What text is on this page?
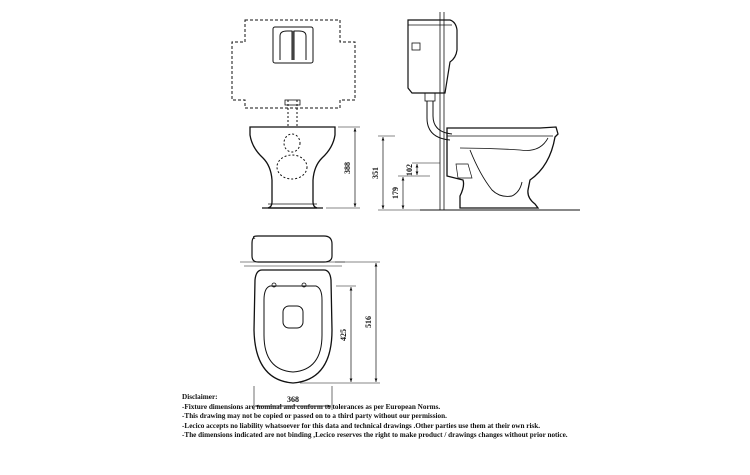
388 351
179
102
425
516
368
Disclaimer:
-Fixture dimensions are nominal and conform to tolerances as per European Norms.
-This drawing may not be copied or passed on to a third party without our permission.
-Lecico accepts no liability whatsoever for this data and technical drawings .Other parties use them at their own risk.
-The dimensions indicated are not binding ,Lecico reserves the right to make product / drawings changes without prior notice.
